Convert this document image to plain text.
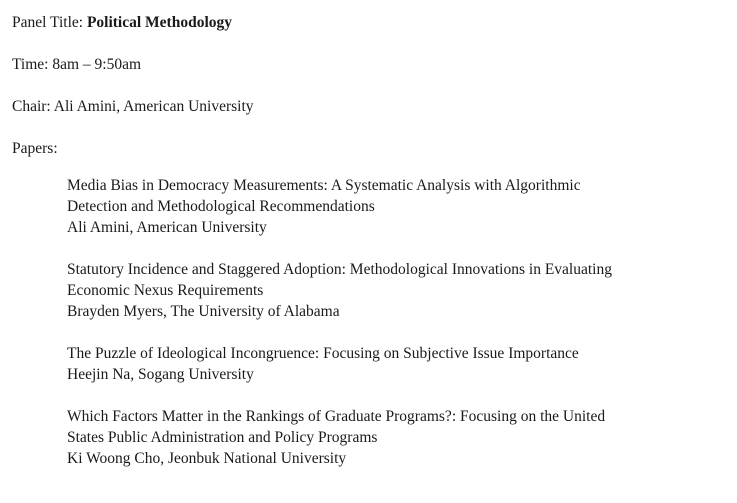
Panel Title: Political Methodology
Time: 8am – 9:50am
Chair: Ali Amini, American University
Papers:
Media Bias in Democracy Measurements: A Systematic Analysis with Algorithmic
Detection and Methodological Recommendations
Ali Amini, American University
Statutory Incidence and Staggered Adoption: Methodological Innovations in Evaluating
Economic Nexus Requirements
Brayden Myers, The University of Alabama
The Puzzle of Ideological Incongruence: Focusing on Subjective Issue Importance
Heejin Na, Sogang University
Which Factors Matter in the Rankings of Graduate Programs?: Focusing on the United
States Public Administration and Policy Programs
Ki Woong Cho, Jeonbuk National University
